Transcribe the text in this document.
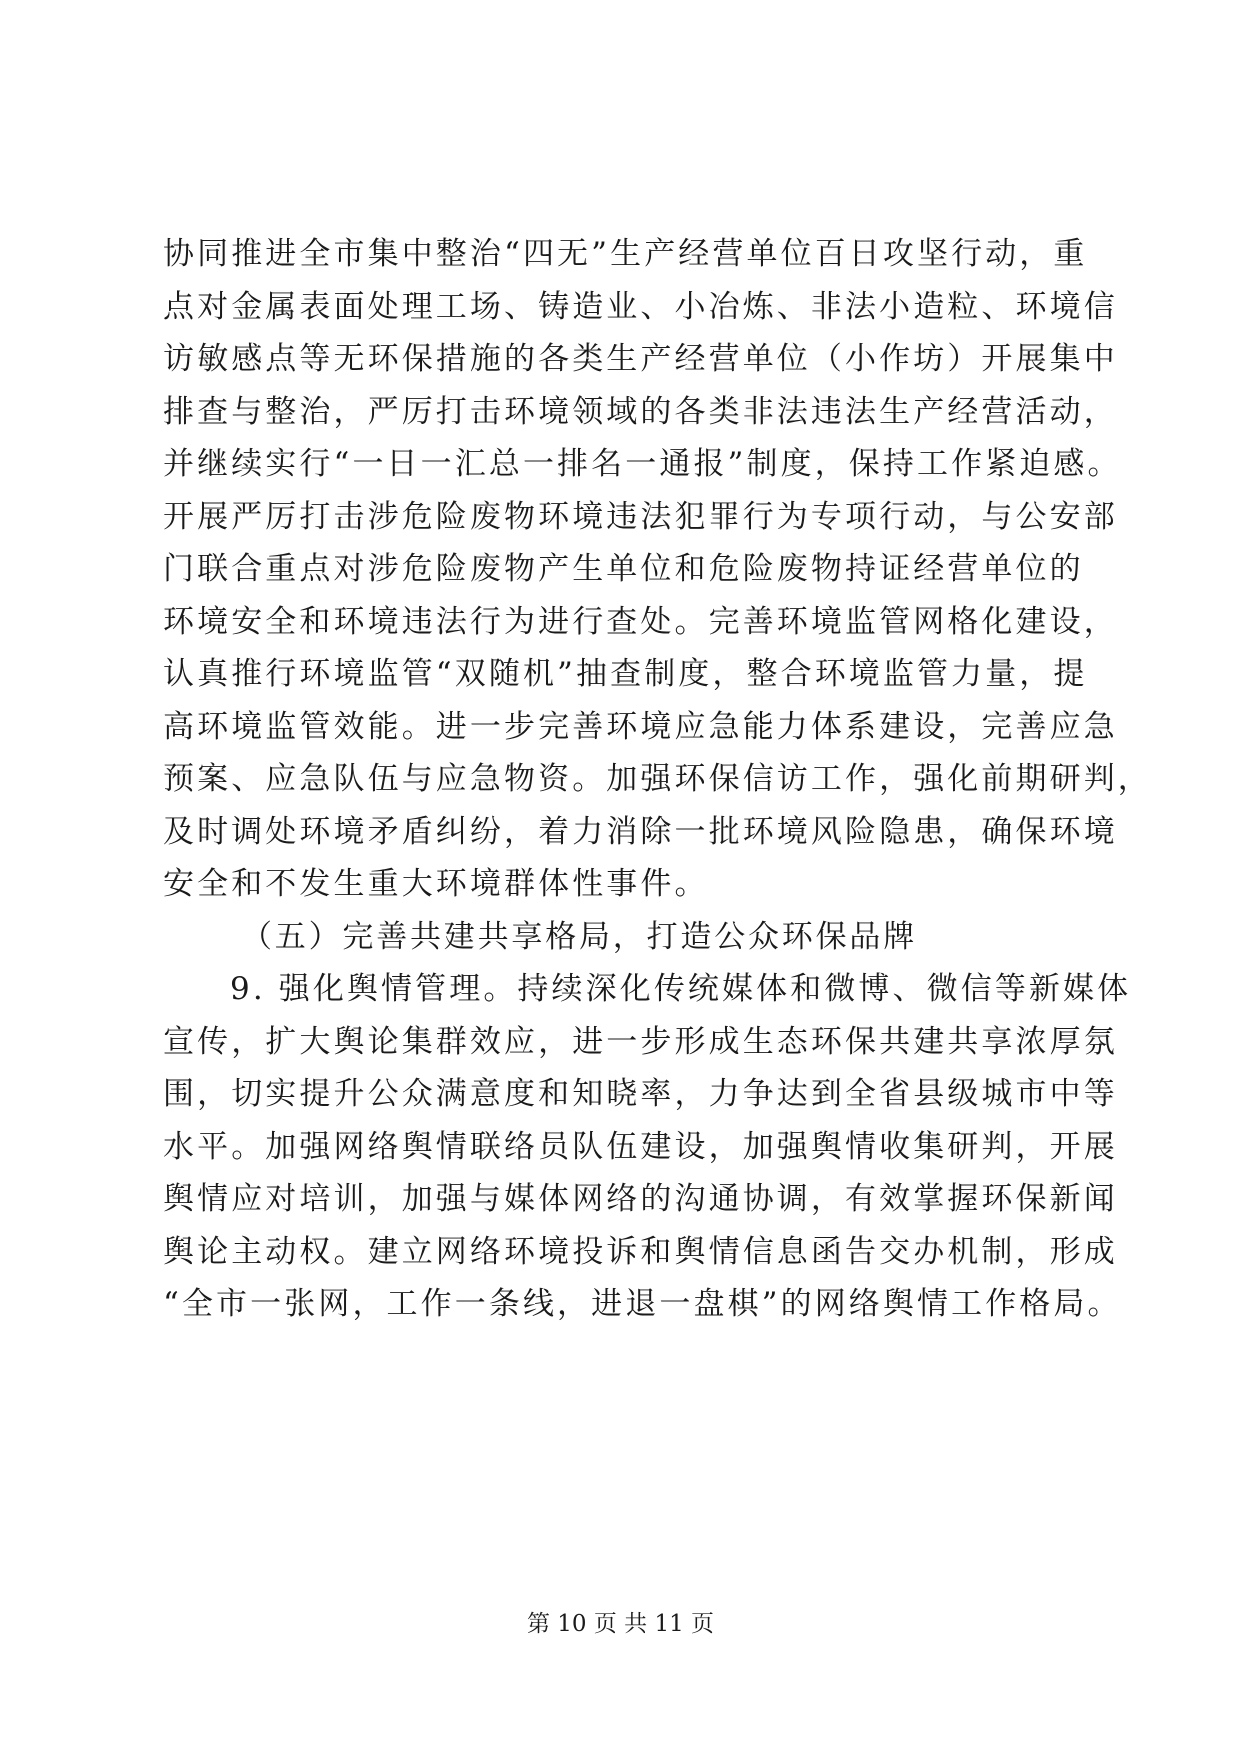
协同推进全市集中整治“四无”生产经营单位百日攻坚行动，重
点对金属表面处理工场、铸造业、小冶炼、非法小造粒、环境信
访敏感点等无环保措施的各类生产经营单位（小作坊）开展集中
排查与整治，严厉打击环境领域的各类非法违法生产经营活动，
并继续实行“一日一汇总一排名一通报”制度，保持工作紧迫感。
开展严厉打击涉危险废物环境违法犯罪行为专项行动，与公安部
门联合重点对涉危险废物产生单位和危险废物持证经营单位的
环境安全和环境违法行为进行查处。完善环境监管网格化建设，
认真推行环境监管“双随机”抽查制度，整合环境监管力量，提
高环境监管效能。进一步完善环境应急能力体系建设，完善应急
预案、应急队伍与应急物资。加强环保信访工作，强化前期研判，
及时调处环境矛盾纠纷，着力消除一批环境风险隐患，确保环境
安全和不发生重大环境群体性事件。
（五）完善共建共享格局，打造公众环保品牌
9. 强化舆情管理。持续深化传统媒体和微博、微信等新媒体
宣传，扩大舆论集群效应，进一步形成生态环保共建共享浓厚氛
围，切实提升公众满意度和知晓率，力争达到全省县级城市中等
水平。加强网络舆情联络员队伍建设，加强舆情收集研判，开展
舆情应对培训，加强与媒体网络的沟通协调，有效掌握环保新闻
舆论主动权。建立网络环境投诉和舆情信息函告交办机制，形成
“全市一张网，工作一条线，进退一盘棋”的网络舆情工作格局。
第 10 页 共 11 页
